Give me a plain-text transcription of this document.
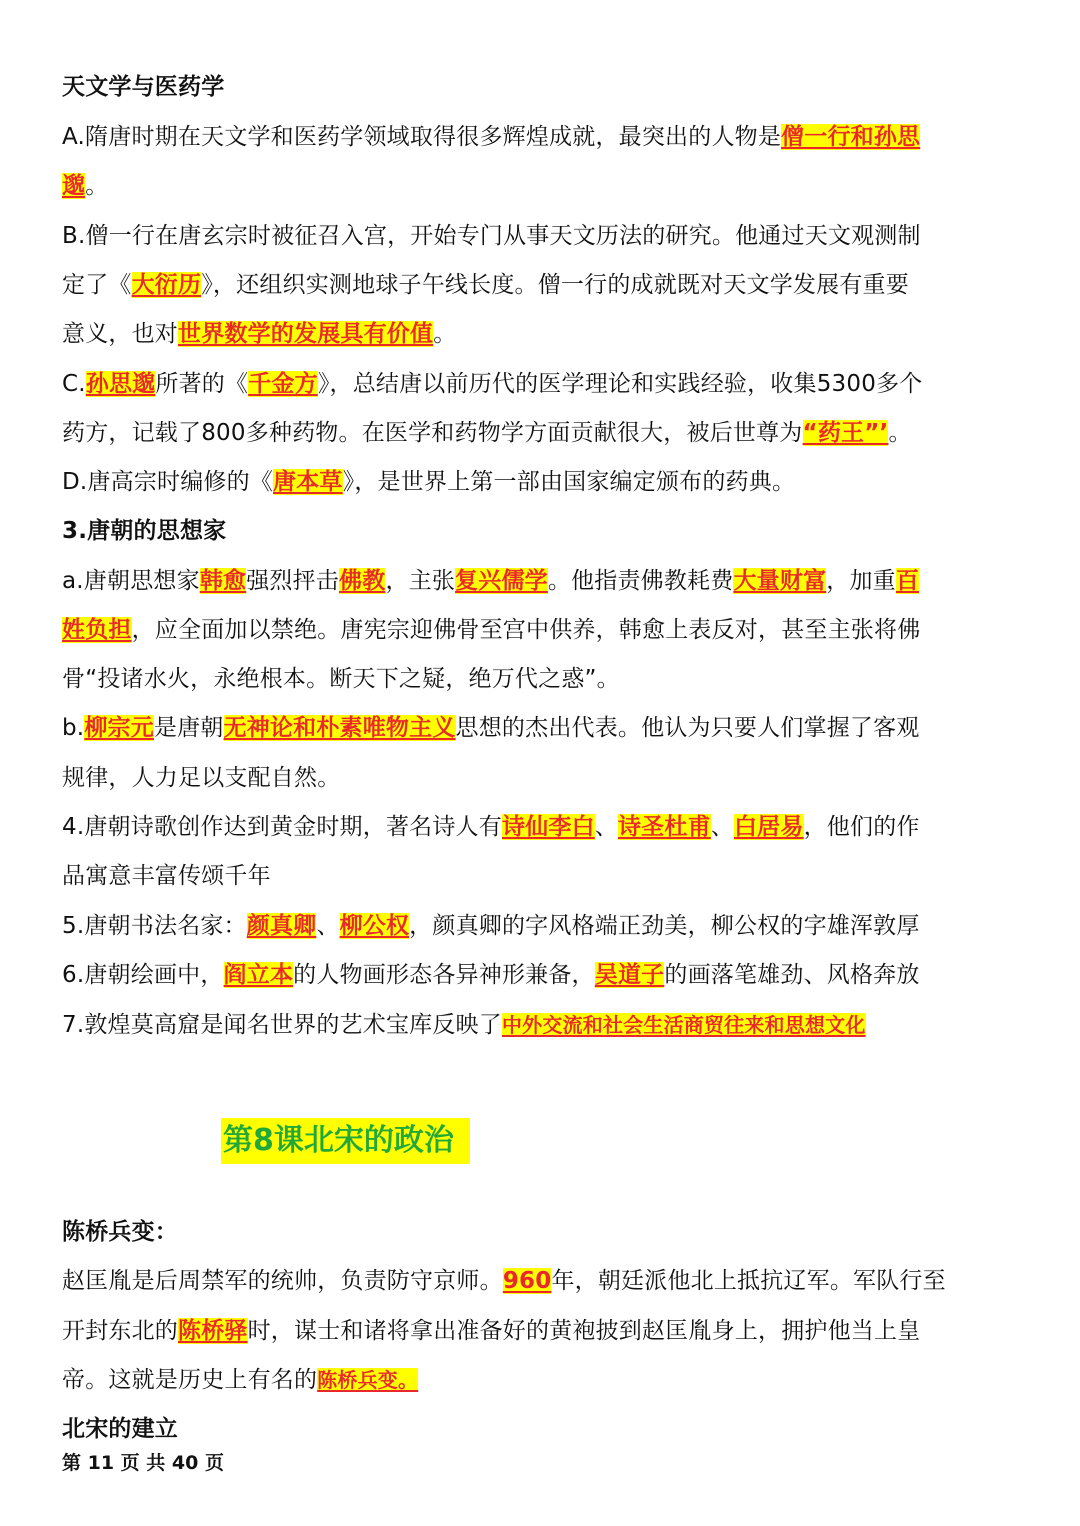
天文学与医药学
A.隋唐时期在天文学和医药学领域取得很多辉煌成就，最突出的人物是僧一行和孙思
邈。
B.僧一行在唐玄宗时被征召入宫，开始专门从事天文历法的研究。他通过天文观测制
定了《大衍历》，还组织实测地球子午线长度。僧一行的成就既对天文学发展有重要
意义，也对世界数学的发展具有价值。
C.孙思邈所著的《千金方》，总结唐以前历代的医学理论和实践经验，收集5300多个
药方，记载了800多种药物。在医学和药物学方面贡献很大，被后世尊为“药王”’。
D.唐高宗时编修的《唐本草》，是世界上第一部由国家编定颁布的药典。
3.唐朝的思想家
a.唐朝思想家韩愈强烈抨击佛教，主张复兴儒学。他指责佛教耗费大量财富，加重百
姓负担，应全面加以禁绝。唐宪宗迎佛骨至宫中供养，韩愈上表反对，甚至主张将佛
骨“投诸水火，永绝根本。断天下之疑，绝万代之惑”。
b.柳宗元是唐朝无神论和朴素唯物主义思想的杰出代表。他认为只要人们掌握了客观
规律，人力足以支配自然。
4.唐朝诗歌创作达到黄金时期，著名诗人有诗仙李白、诗圣杜甫、白居易，他们的作
品寓意丰富传颂千年
5.唐朝书法名家：颜真卿、柳公权，颜真卿的字风格端正劲美，柳公权的字雄浑敦厚
6.唐朝绘画中，阎立本的人物画形态各异神形兼备，吴道子的画落笔雄劲、风格奔放
7.敦煌莫高窟是闻名世界的艺术宝库反映了中外交流和社会生活商贸往来和思想文化
第8课北宋的政治
陈桥兵变：
赵匡胤是后周禁军的统帅，负责防守京师。960年，朝廷派他北上抵抗辽军。军队行至
开封东北的陈桥驿时，谋士和诸将拿出准备好的黄袍披到赵匡胤身上，拥护他当上皇
帝。这就是历史上有名的陈桥兵变。
北宋的建立
第 11 页 共 40 页
